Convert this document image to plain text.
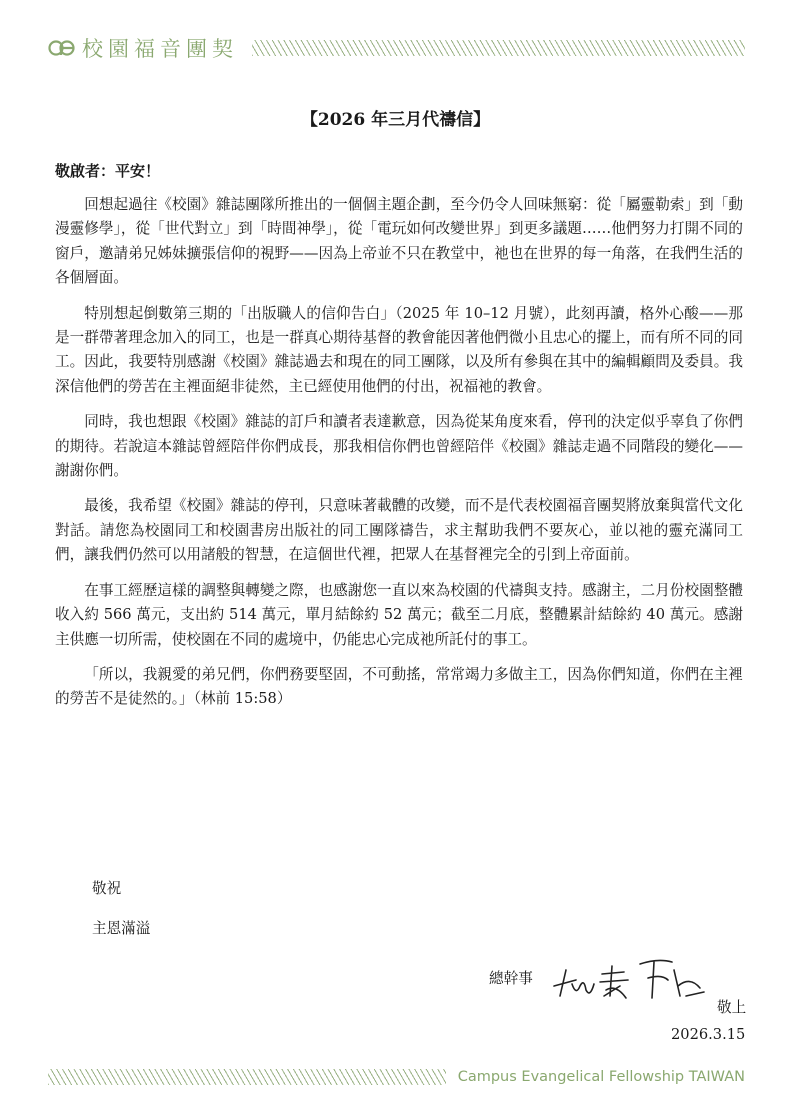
校園福音團契
【2026 年三月代禱信】
敬啟者：平安！

回想起過往《校園》雜誌團隊所推出的一個個主題企劃，至今仍令人回味無窮：從「屬靈勒索」到「動漫靈修學」，從「世代對立」到「時間神學」，從「電玩如何改變世界」到更多議題……他們努力打開不同的窗戶，邀請弟兄姊妹擴張信仰的視野——因為上帝並不只在教堂中，祂也在世界的每一角落，在我們生活的各個層面。

特別想起倒數第三期的「出版職人的信仰告白」（2025 年 10–12 月號），此刻再讀，格外心酸——那是一群帶著理念加入的同工，也是一群真心期待基督的教會能因著他們微小且忠心的擺上，而有所不同的同工。因此，我要特別感謝《校園》雜誌過去和現在的同工團隊，以及所有參與在其中的編輯顧問及委員。我深信他們的勞苦在主裡面絕非徒然，主已經使用他們的付出，祝福祂的教會。

同時，我也想跟《校園》雜誌的訂戶和讀者表達歉意，因為從某角度來看，停刊的決定似乎辜負了你們的期待。若說這本雜誌曾經陪伴你們成長，那我相信你們也曾經陪伴《校園》雜誌走過不同階段的變化——謝謝你們。

最後，我希望《校園》雜誌的停刊，只意味著載體的改變，而不是代表校園福音團契將放棄與當代文化對話。請您為校園同工和校園書房出版社的同工團隊禱告，求主幫助我們不要灰心，並以祂的靈充滿同工們，讓我們仍然可以用諸般的智慧，在這個世代裡，把眾人在基督裡完全的引到上帝面前。

在事工經歷這樣的調整與轉變之際，也感謝您一直以來為校園的代禱與支持。感謝主，二月份校園整體收入約 566 萬元，支出約 514 萬元，單月結餘約 52 萬元；截至二月底，整體累計結餘約 40 萬元。感謝主供應一切所需，使校園在不同的處境中，仍能忠心完成祂所託付的事工。

「所以，我親愛的弟兄們，你們務要堅固，不可動搖，常常竭力多做主工，因為你們知道，你們在主裡的勞苦不是徒然的。」（林前 15:58）

敬祝
主恩滿溢
總幹事
敬上
2026.3.15
Campus Evangelical Fellowship TAIWAN
